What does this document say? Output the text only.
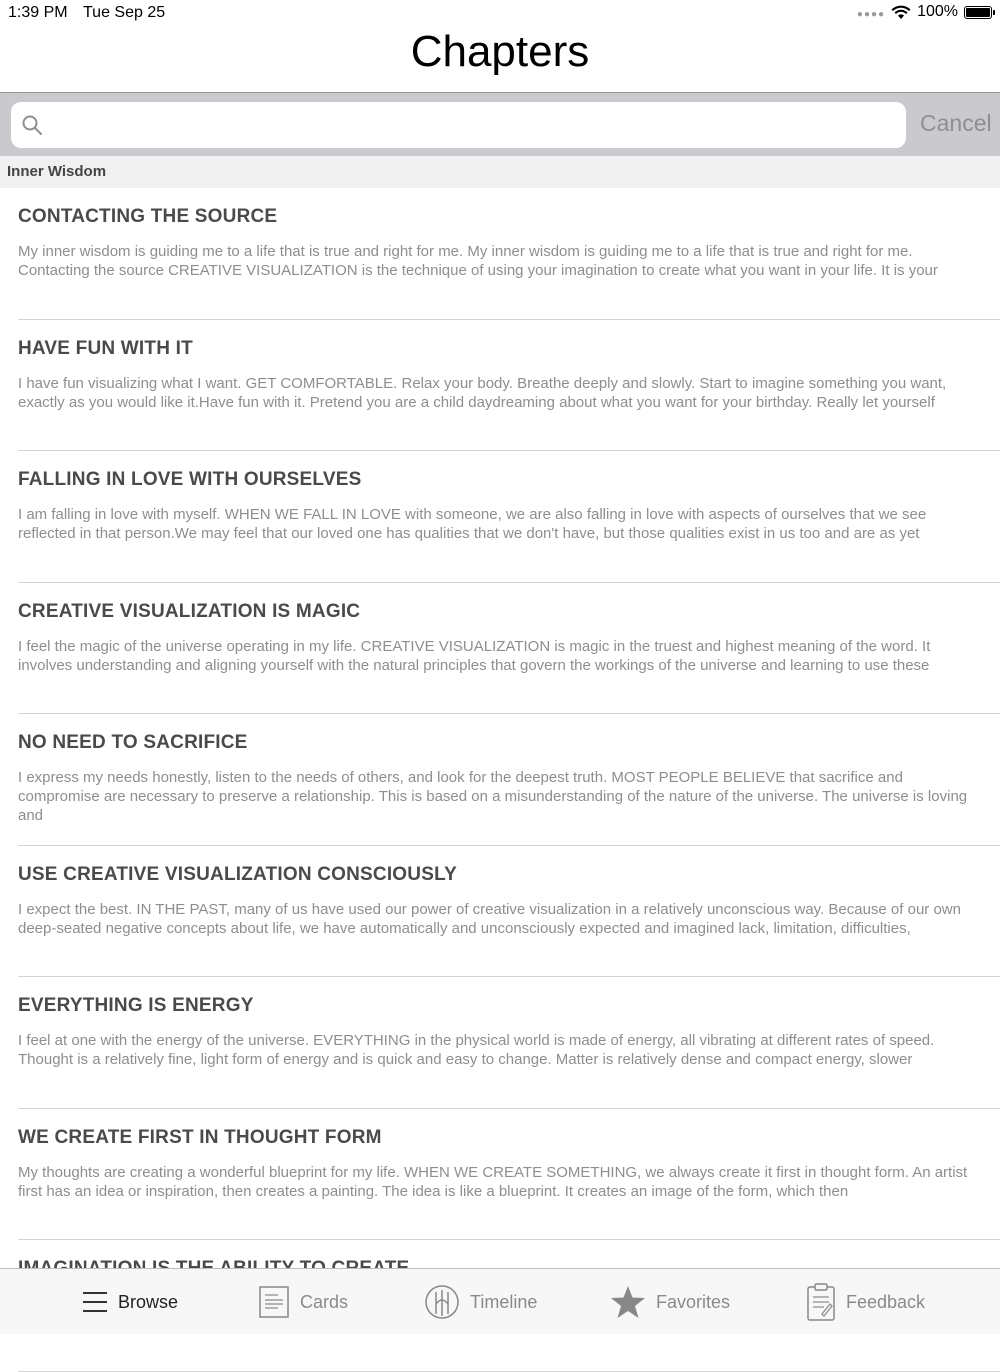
1:39 PM Tue Sep 25	●●●● 100%
Chapters
Cancel
Inner Wisdom

CONTACTING THE SOURCE

My inner wisdom is guiding me to a life that is true and right for me. My inner wisdom is guiding me to a life that is true and right for me. Contacting the source CREATIVE VISUALIZATION is the technique of using your imagination to create what you want in your life. It is your

HAVE FUN WITH IT

I have fun visualizing what I want. GET COMFORTABLE. Relax your body. Breathe deeply and slowly. Start to imagine something you want, exactly as you would like it.Have fun with it. Pretend you are a child daydreaming about what you want for your birthday. Really let yourself

FALLING IN LOVE WITH OURSELVES

I am falling in love with myself. WHEN WE FALL IN LOVE with someone, we are also falling in love with aspects of ourselves that we see reflected in that person.We may feel that our loved one has qualities that we don't have, but those qualities exist in us too and are as yet

CREATIVE VISUALIZATION IS MAGIC

I feel the magic of the universe operating in my life. CREATIVE VISUALIZATION is magic in the truest and highest meaning of the word. It involves understanding and aligning yourself with the natural principles that govern the workings of the universe and learning to use these

NO NEED TO SACRIFICE

I express my needs honestly, listen to the needs of others, and look for the deepest truth. MOST PEOPLE BELIEVE that sacrifice and compromise are necessary to preserve a relationship. This is based on a misunderstanding of the nature of the universe. The universe is loving and

USE CREATIVE VISUALIZATION CONSCIOUSLY

I expect the best. IN THE PAST, many of us have used our power of creative visualization in a relatively unconscious way. Because of our own deep-seated negative concepts about life, we have automatically and unconsciously expected and imagined lack, limitation, difficulties,

EVERYTHING IS ENERGY

I feel at one with the energy of the universe. EVERYTHING in the physical world is made of energy, all vibrating at different rates of speed. Thought is a relatively fine, light form of energy and is quick and easy to change. Matter is relatively dense and compact energy, slower

WE CREATE FIRST IN THOUGHT FORM

My thoughts are creating a wonderful blueprint for my life. WHEN WE CREATE SOMETHING, we always create it first in thought form. An artist first has an idea or inspiration, then creates a painting. The idea is like a blueprint. It creates an image of the form, which then

Browse	Cards	Timeline	Favorites	Feedback
